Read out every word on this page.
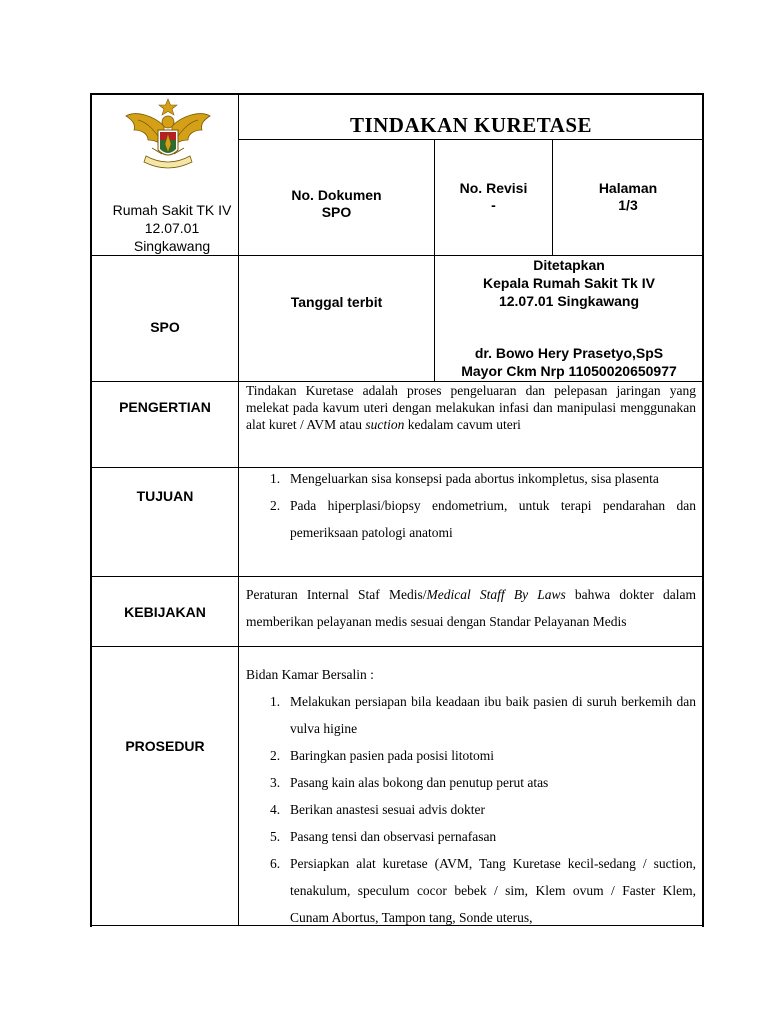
Rumah Sakit TK IV 12.07.01 Singkawang
TINDAKAN KURETASE
No. Dokumen
SPO
No. Revisi
-
Halaman
1/3
SPO
Tanggal terbit
Ditetapkan
Kepala Rumah Sakit Tk IV
12.07.01 Singkawang
dr. Bowo Hery Prasetyo,SpS
Mayor Ckm Nrp 11050020650977
PENGERTIAN
Tindakan Kuretase adalah proses pengeluaran dan pelepasan jaringan yang melekat pada kavum uteri dengan melakukan infasi dan manipulasi menggunakan alat kuret / AVM atau suction kedalam cavum uteri
TUJUAN
1. Mengeluarkan sisa konsepsi pada abortus inkompletus, sisa plasenta
2. Pada hiperplasi/biopsy endometrium, untuk terapi pendarahan dan pemeriksaan patologi anatomi
KEBIJAKAN
Peraturan Internal Staf Medis/Medical Staff By Laws bahwa dokter dalam memberikan pelayanan medis sesuai dengan Standar Pelayanan Medis
PROSEDUR
Bidan Kamar Bersalin :
1. Melakukan persiapan bila keadaan ibu baik pasien di suruh berkemih dan vulva higine
2. Baringkan pasien pada posisi litotomi
3. Pasang kain alas bokong dan penutup perut atas
4. Berikan anastesi sesuai advis dokter
5. Pasang tensi dan observasi pernafasan
6. Persiapkan alat kuretase (AVM, Tang Kuretase kecil-sedang / suction, tenakulum, speculum cocor bebek / sim, Klem ovum / Faster Klem, Cunam Abortus, Tampon tang, Sonde uterus,
